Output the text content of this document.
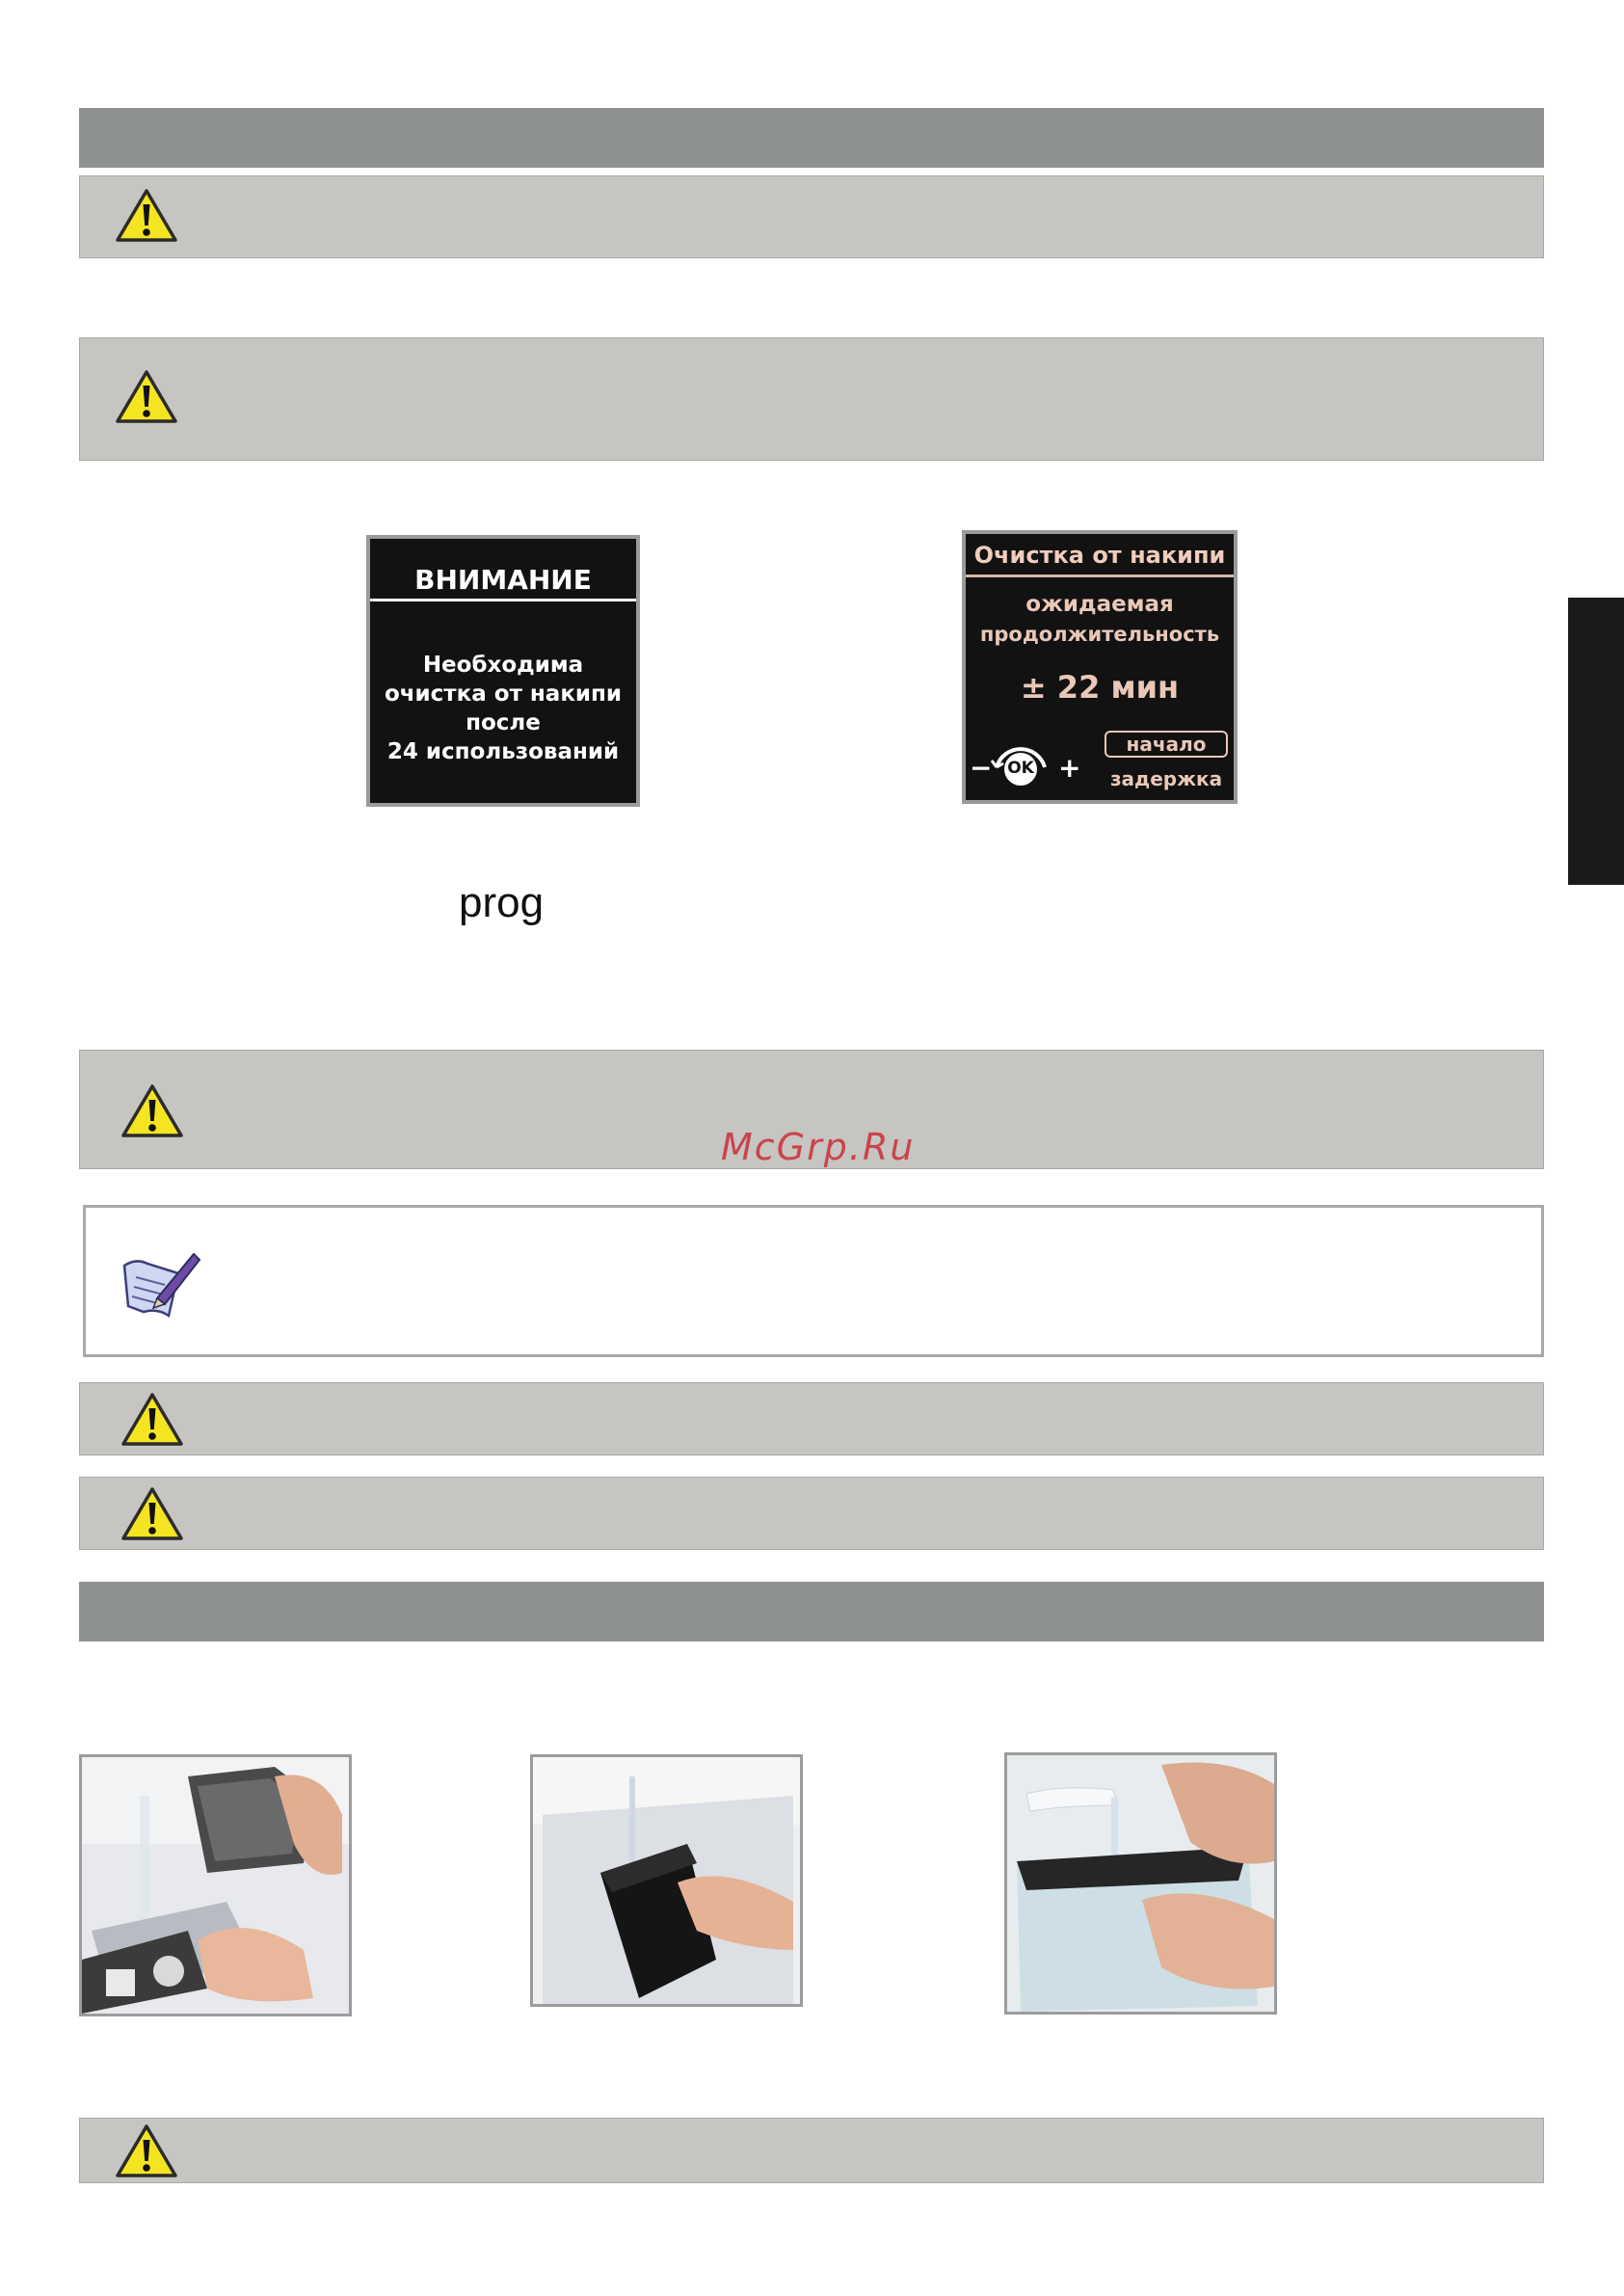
ВНИМАНИЕ
Необходима
очистка от накипи
после
24 использований
Очистка от накипи
ожидаемая
продолжительность
± 22 мин
− OK +
начало
задержка
prog
McGrp.Ru
